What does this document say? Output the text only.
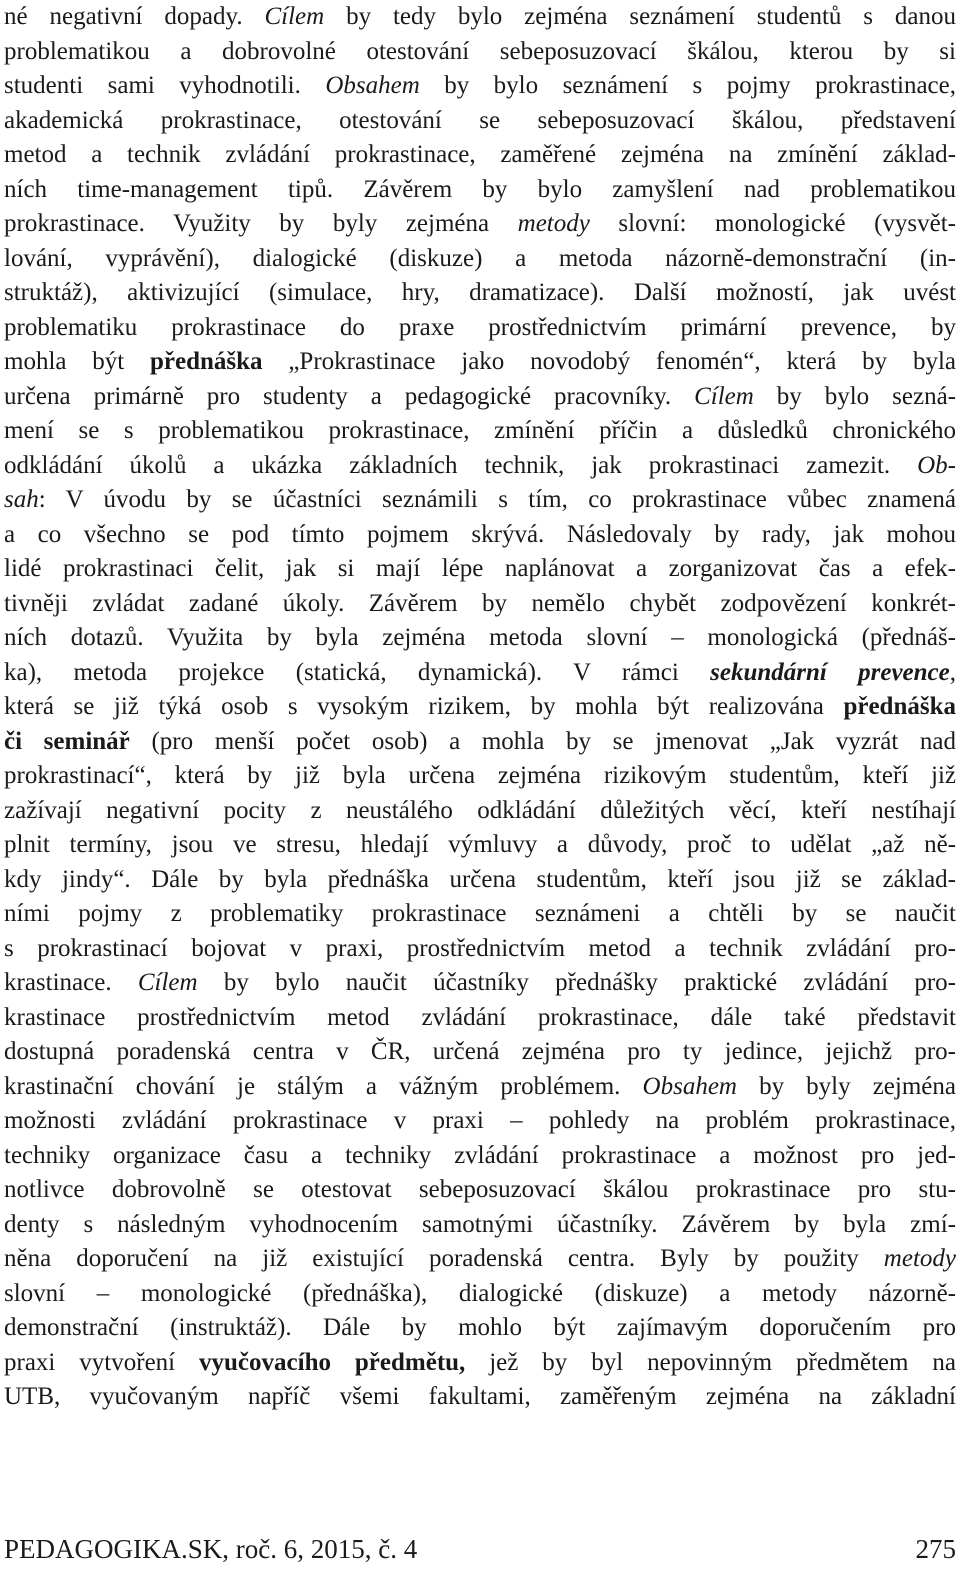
né negativní dopady. Cílem by tedy bylo zejména seznámení studentů s danou
problematikou a dobrovolné otestování sebeposuzovací škálou, kterou by si
studenti sami vyhodnotili. Obsahem by bylo seznámení s pojmy prokrastinace,
akademická prokrastinace, otestování se sebeposuzovací škálou, představení
metod a technik zvládání prokrastinace, zaměřené zejména na zmínění základ-
ních time-management tipů. Závěrem by bylo zamyšlení nad problematikou
prokrastinace. Využity by byly zejména metody slovní: monologické (vysvět-
lování, vyprávění), dialogické (diskuze) a metoda názorně-demonstrační (in-
struktáž), aktivizující (simulace, hry, dramatizace). Další možností, jak uvést
problematiku prokrastinace do praxe prostřednictvím primární prevence, by
mohla být přednáška „Prokrastinace jako novodobý fenomén“, která by byla
určena primárně pro studenty a pedagogické pracovníky. Cílem by bylo sezná-
mení se s problematikou prokrastinace, zmínění příčin a důsledků chronického
odkládání úkolů a ukázka základních technik, jak prokrastinaci zamezit. Ob-
sah: V úvodu by se účastníci seznámili s tím, co prokrastinace vůbec znamená
a co všechno se pod tímto pojmem skrývá. Následovaly by rady, jak mohou
lidé prokrastinaci čelit, jak si mají lépe naplánovat a zorganizovat čas a efek-
tivněji zvládat zadané úkoly. Závěrem by nemělo chybět zodpovězení konkrét-
ních dotazů. Využita by byla zejména metoda slovní – monologická (přednáš-
ka), metoda projekce (statická, dynamická). V rámci sekundární prevence,
která se již týká osob s vysokým rizikem, by mohla být realizována přednáška
či seminář (pro menší počet osob) a mohla by se jmenovat „Jak vyzrát nad
prokrastinací“, která by již byla určena zejména rizikovým studentům, kteří již
zažívají negativní pocity z neustálého odkládání důležitých věcí, kteří nestíhají
plnit termíny, jsou ve stresu, hledají výmluvy a důvody, proč to udělat „až ně-
kdy jindy“. Dále by byla přednáška určena studentům, kteří jsou již se základ-
ními pojmy z problematiky prokrastinace seznámeni a chtěli by se naučit
s prokrastinací bojovat v praxi, prostřednictvím metod a technik zvládání pro-
krastinace. Cílem by bylo naučit účastníky přednášky praktické zvládání pro-
krastinace prostřednictvím metod zvládání prokrastinace, dále také představit
dostupná poradenská centra v ČR, určená zejména pro ty jedince, jejichž pro-
krastinační chování je stálým a vážným problémem. Obsahem by byly zejména
možnosti zvládání prokrastinace v praxi – pohledy na problém prokrastinace,
techniky organizace času a techniky zvládání prokrastinace a možnost pro jed-
notlivce dobrovolně se otestovat sebeposuzovací škálou prokrastinace pro stu-
denty s následným vyhodnocením samotnými účastníky. Závěrem by byla zmí-
něna doporučení na již existující poradenská centra. Byly by použity metody
slovní – monologické (přednáška), dialogické (diskuze) a metody názorně-
demonstrační (instruktáž). Dále by mohlo být zajímavým doporučením pro
praxi vytvoření vyučovacího předmětu, jež by byl nepovinným předmětem na
UTB, vyučovaným napříč všemi fakultami, zaměřeným zejména na základní
PEDAGOGIKA.SK, roč. 6, 2015, č. 4	275
